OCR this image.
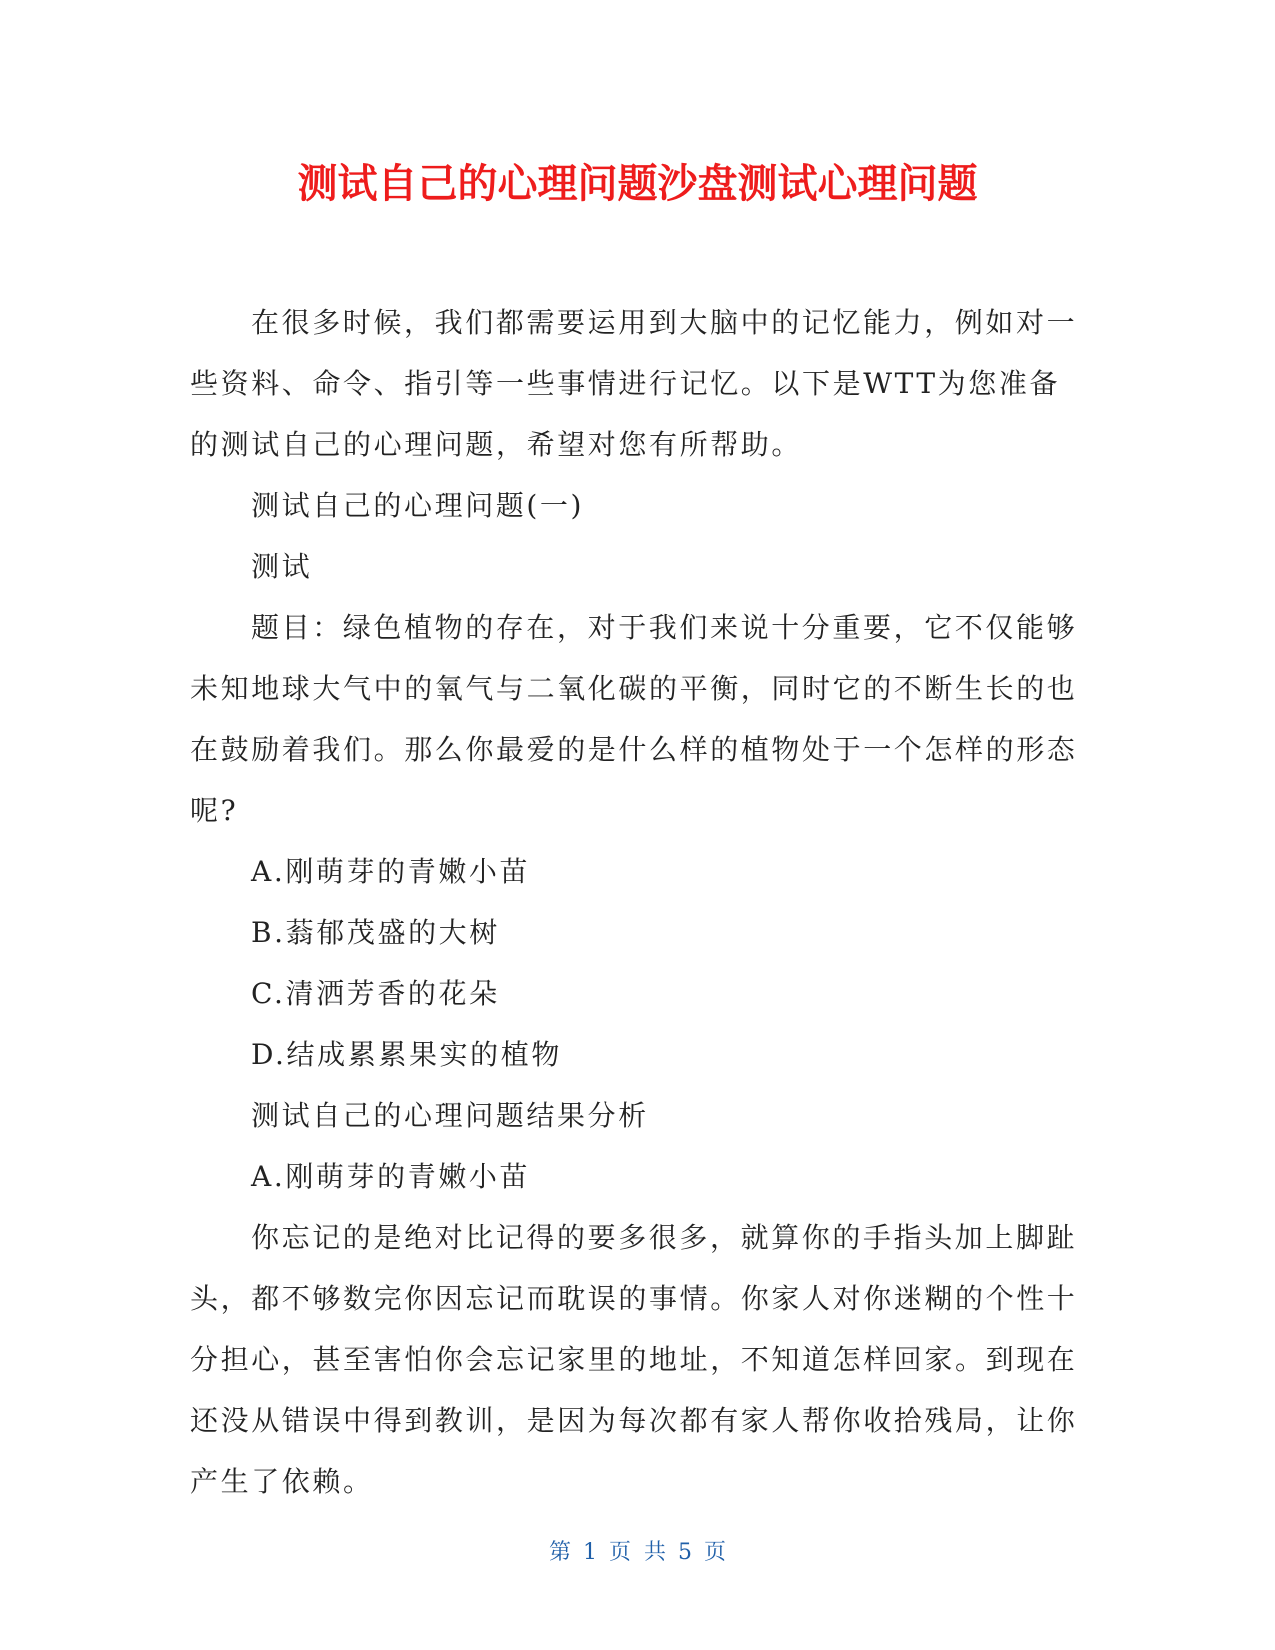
测试自己的心理问题沙盘测试心理问题

在很多时候，我们都需要运用到大脑中的记忆能力，例如对一些资料、命令、指引等一些事情进行记忆。以下是WTT为您准备的测试自己的心理问题，希望对您有所帮助。

测试自己的心理问题(一)

测试

题目：绿色植物的存在，对于我们来说十分重要，它不仅能够未知地球大气中的氧气与二氧化碳的平衡，同时它的不断生长的也在鼓励着我们。那么你最爱的是什么样的植物处于一个怎样的形态呢?

A.刚萌芽的青嫩小苗

B.蓊郁茂盛的大树

C.清洒芳香的花朵

D.结成累累果实的植物

测试自己的心理问题结果分析

A.刚萌芽的青嫩小苗

你忘记的是绝对比记得的要多很多，就算你的手指头加上脚趾头，都不够数完你因忘记而耽误的事情。你家人对你迷糊的个性十分担心，甚至害怕你会忘记家里的地址，不知道怎样回家。到现在还没从错误中得到教训，是因为每次都有家人帮你收拾残局，让你产生了依赖。

第 1 页 共 5 页
